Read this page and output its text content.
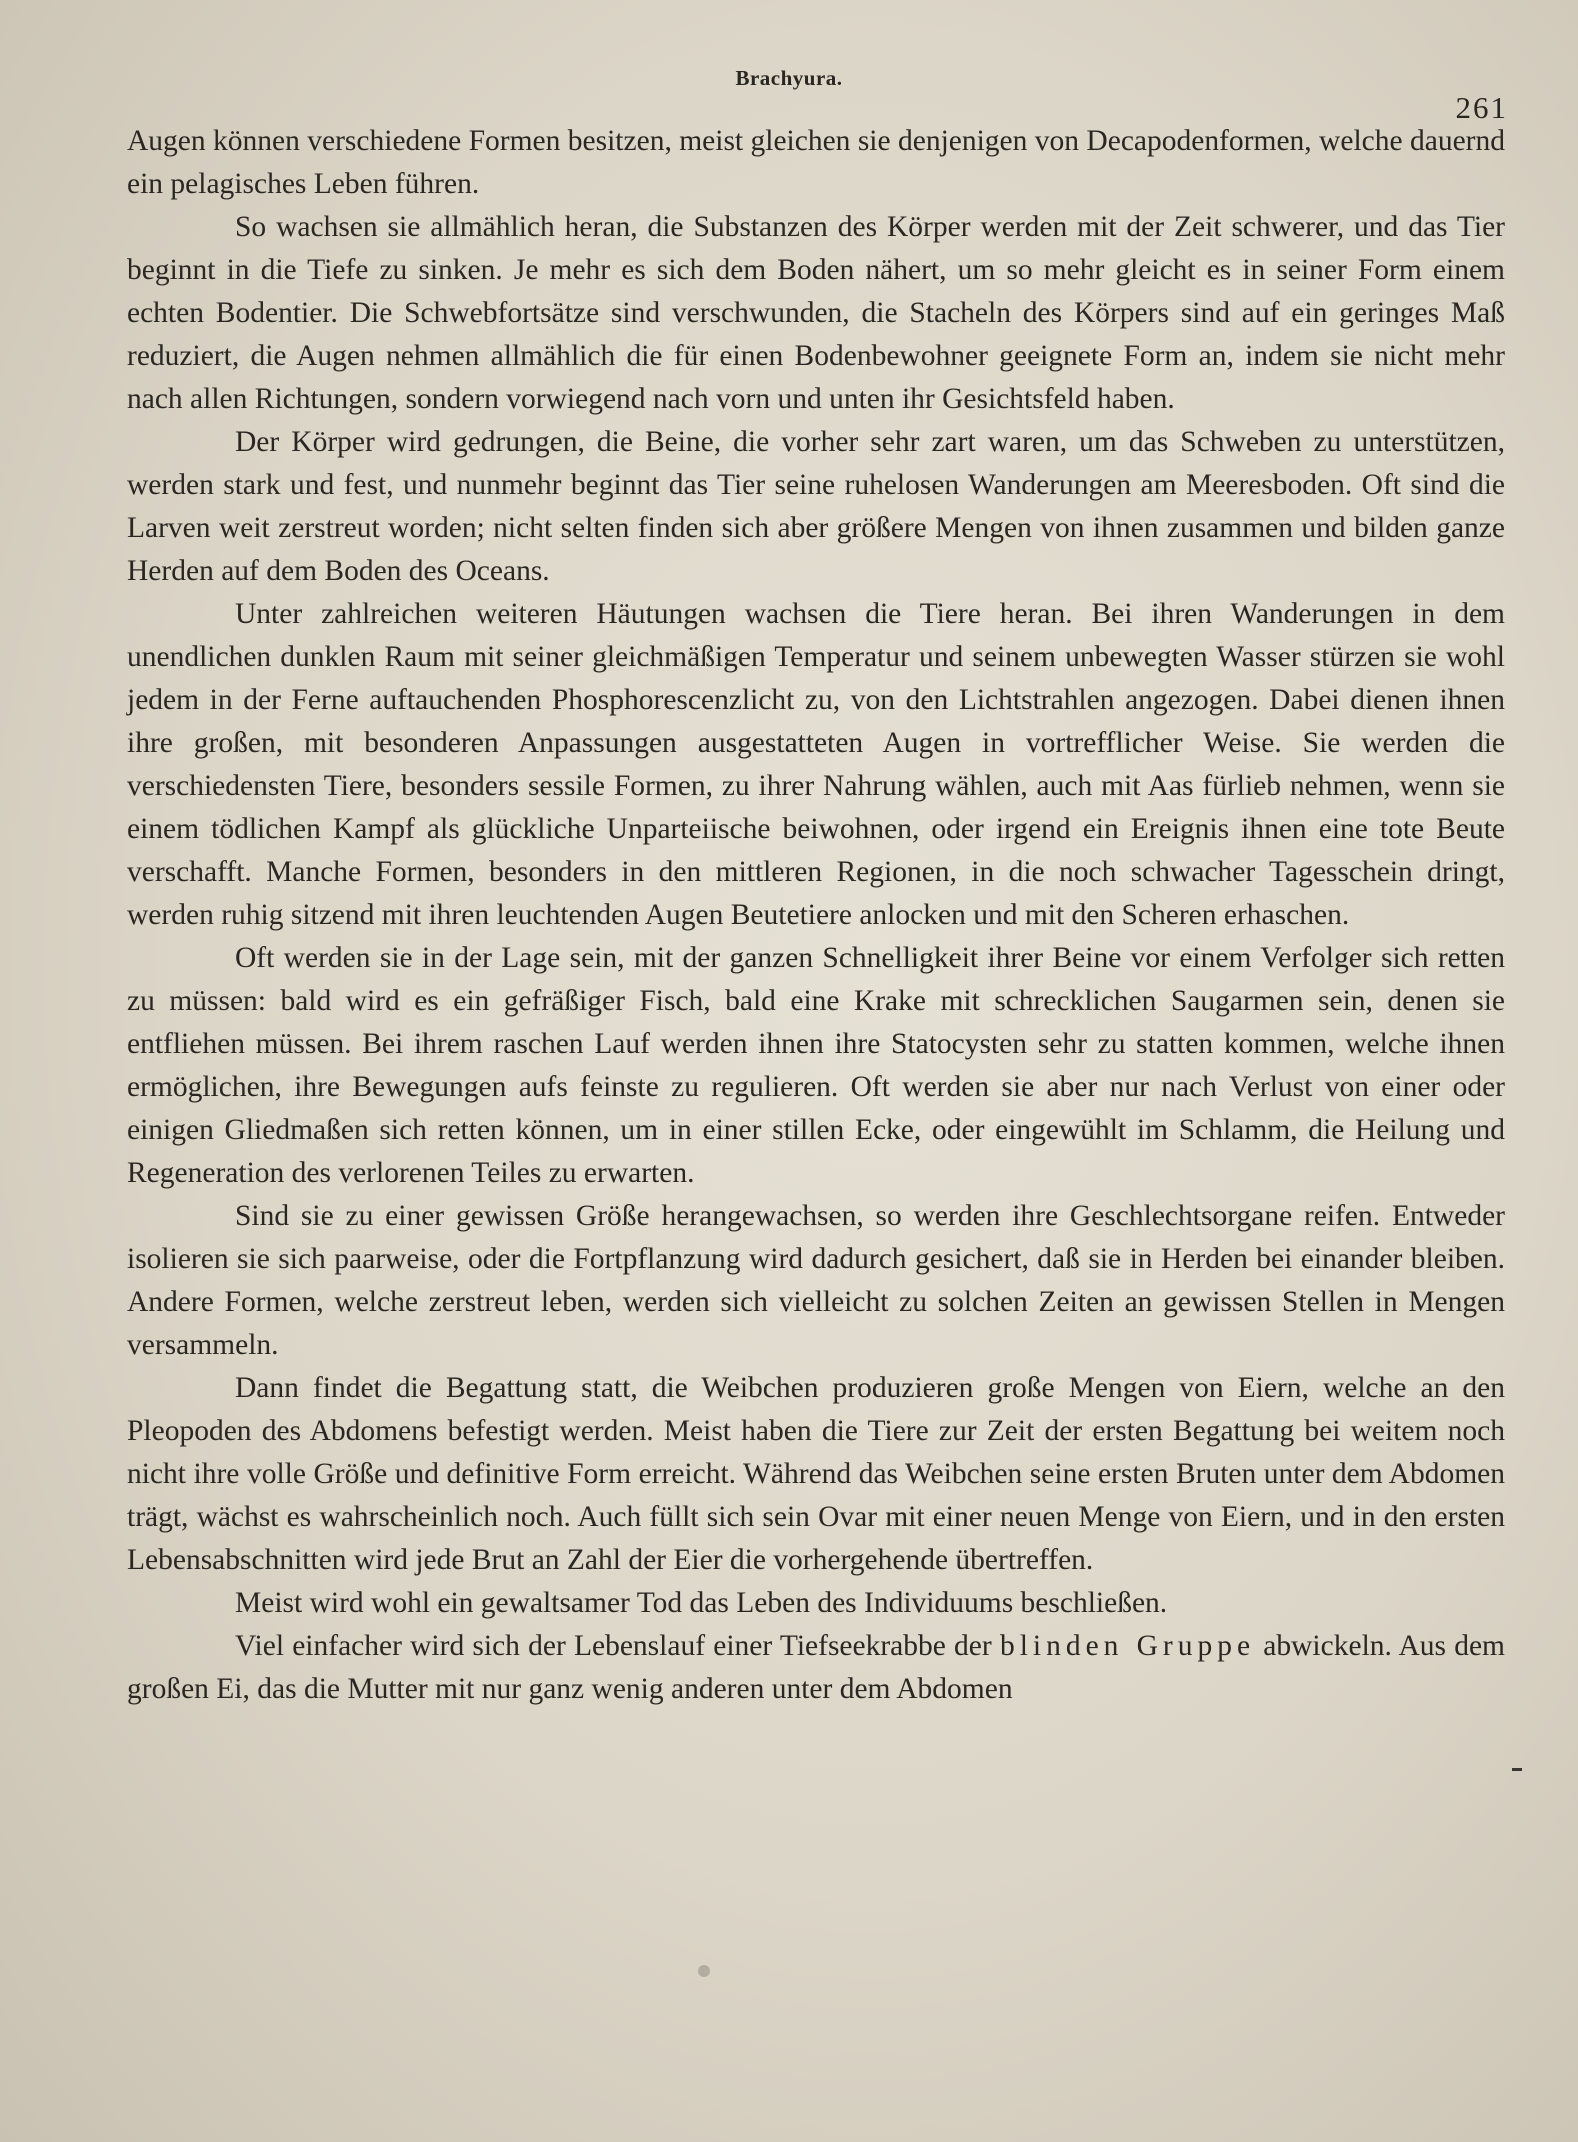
Brachyura.
261

Augen können verschiedene Formen besitzen, meist gleichen sie denjenigen von Decapodenformen, welche dauernd ein pelagisches Leben führen.

So wachsen sie allmählich heran, die Substanzen des Körper werden mit der Zeit schwerer, und das Tier beginnt in die Tiefe zu sinken. Je mehr es sich dem Boden nähert, um so mehr gleicht es in seiner Form einem echten Bodentier. Die Schwebfortsätze sind verschwunden, die Stacheln des Körpers sind auf ein geringes Maß reduziert, die Augen nehmen allmählich die für einen Bodenbewohner geeignete Form an, indem sie nicht mehr nach allen Richtungen, sondern vorwiegend nach vorn und unten ihr Gesichtsfeld haben.

Der Körper wird gedrungen, die Beine, die vorher sehr zart waren, um das Schweben zu unterstützen, werden stark und fest, und nunmehr beginnt das Tier seine ruhelosen Wanderungen am Meeresboden. Oft sind die Larven weit zerstreut worden; nicht selten finden sich aber größere Mengen von ihnen zusammen und bilden ganze Herden auf dem Boden des Oceans.

Unter zahlreichen weiteren Häutungen wachsen die Tiere heran. Bei ihren Wanderungen in dem unendlichen dunklen Raum mit seiner gleichmäßigen Temperatur und seinem unbewegten Wasser stürzen sie wohl jedem in der Ferne auftauchenden Phosphorescenzlicht zu, von den Lichtstrahlen angezogen. Dabei dienen ihnen ihre großen, mit besonderen Anpassungen ausgestatteten Augen in vortrefflicher Weise. Sie werden die verschiedensten Tiere, besonders sessile Formen, zu ihrer Nahrung wählen, auch mit Aas fürlieb nehmen, wenn sie einem tödlichen Kampf als glückliche Unparteiische beiwohnen, oder irgend ein Ereignis ihnen eine tote Beute verschafft. Manche Formen, besonders in den mittleren Regionen, in die noch schwacher Tagesschein dringt, werden ruhig sitzend mit ihren leuchtenden Augen Beutetiere anlocken und mit den Scheren erhaschen.

Oft werden sie in der Lage sein, mit der ganzen Schnelligkeit ihrer Beine vor einem Verfolger sich retten zu müssen: bald wird es ein gefräßiger Fisch, bald eine Krake mit schrecklichen Saugarmen sein, denen sie entfliehen müssen. Bei ihrem raschen Lauf werden ihnen ihre Statocysten sehr zu statten kommen, welche ihnen ermöglichen, ihre Bewegungen aufs feinste zu regulieren. Oft werden sie aber nur nach Verlust von einer oder einigen Gliedmaßen sich retten können, um in einer stillen Ecke, oder eingewühlt im Schlamm, die Heilung und Regeneration des verlorenen Teiles zu erwarten.

Sind sie zu einer gewissen Größe herangewachsen, so werden ihre Geschlechtsorgane reifen. Entweder isolieren sie sich paarweise, oder die Fortpflanzung wird dadurch gesichert, daß sie in Herden bei einander bleiben. Andere Formen, welche zerstreut leben, werden sich vielleicht zu solchen Zeiten an gewissen Stellen in Mengen versammeln.

Dann findet die Begattung statt, die Weibchen produzieren große Mengen von Eiern, welche an den Pleopoden des Abdomens befestigt werden. Meist haben die Tiere zur Zeit der ersten Begattung bei weitem noch nicht ihre volle Größe und definitive Form erreicht. Während das Weibchen seine ersten Bruten unter dem Abdomen trägt, wächst es wahrscheinlich noch. Auch füllt sich sein Ovar mit einer neuen Menge von Eiern, und in den ersten Lebensabschnitten wird jede Brut an Zahl der Eier die vorhergehende übertreffen.

Meist wird wohl ein gewaltsamer Tod das Leben des Individuums beschließen.

Viel einfacher wird sich der Lebenslauf einer Tiefseekrabbe der blinden Gruppe abwickeln. Aus dem großen Ei, das die Mutter mit nur ganz wenig anderen unter dem Abdomen
